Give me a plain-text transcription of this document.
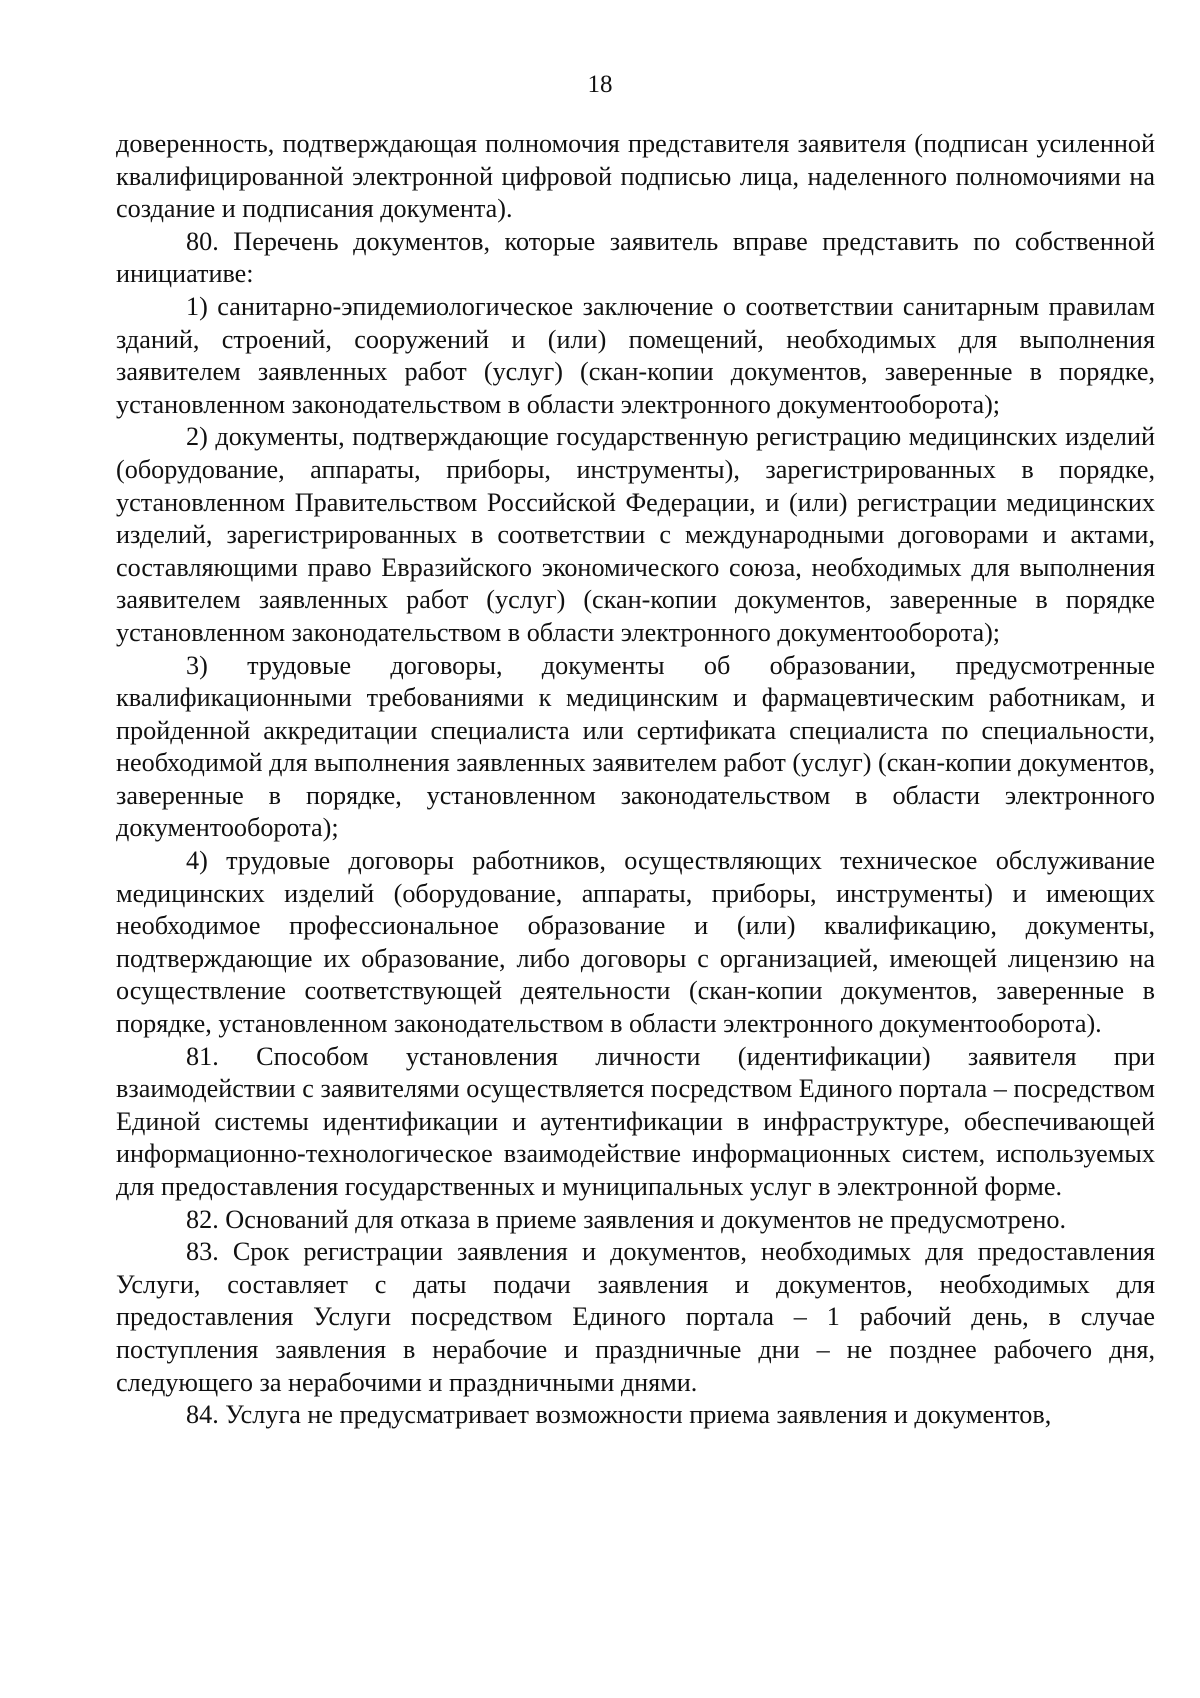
18

доверенность, подтверждающая полномочия представителя заявителя (подписан усиленной квалифицированной электронной цифровой подписью лица, наделенного полномочиями на создание и подписания документа).

80. Перечень документов, которые заявитель вправе представить по собственной инициативе:

1) санитарно-эпидемиологическое заключение о соответствии санитарным правилам зданий, строений, сооружений и (или) помещений, необходимых для выполнения заявителем заявленных работ (услуг) (скан-копии документов, заверенные в порядке, установленном законодательством в области электронного документооборота);

2) документы, подтверждающие государственную регистрацию медицинских изделий (оборудование, аппараты, приборы, инструменты), зарегистрированных в порядке, установленном Правительством Российской Федерации, и (или) регистрации медицинских изделий, зарегистрированных в соответствии с международными договорами и актами, составляющими право Евразийского экономического союза, необходимых для выполнения заявителем заявленных работ (услуг) (скан-копии документов, заверенные в порядке установленном законодательством в области электронного документооборота);

3) трудовые договоры, документы об образовании, предусмотренные квалификационными требованиями к медицинским и фармацевтическим работникам, и пройденной аккредитации специалиста или сертификата специалиста по специальности, необходимой для выполнения заявленных заявителем работ (услуг) (скан-копии документов, заверенные в порядке, установленном законодательством в области электронного документооборота);

4) трудовые договоры работников, осуществляющих техническое обслуживание медицинских изделий (оборудование, аппараты, приборы, инструменты) и имеющих необходимое профессиональное образование и (или) квалификацию, документы, подтверждающие их образование, либо договоры с организацией, имеющей лицензию на осуществление соответствующей деятельности (скан-копии документов, заверенные в порядке, установленном законодательством в области электронного документооборота).

81. Способом установления личности (идентификации) заявителя при взаимодействии с заявителями осуществляется посредством Единого портала – посредством Единой системы идентификации и аутентификации в инфраструктуре, обеспечивающей информационно-технологическое взаимодействие информационных систем, используемых для предоставления государственных и муниципальных услуг в электронной форме.

82. Оснований для отказа в приеме заявления и документов не предусмотрено.

83. Срок регистрации заявления и документов, необходимых для предоставления Услуги, составляет с даты подачи заявления и документов, необходимых для предоставления Услуги посредством Единого портала – 1 рабочий день, в случае поступления заявления в нерабочие и праздничные дни – не позднее рабочего дня, следующего за нерабочими и праздничными днями.

84. Услуга не предусматривает возможности приема заявления и документов,
